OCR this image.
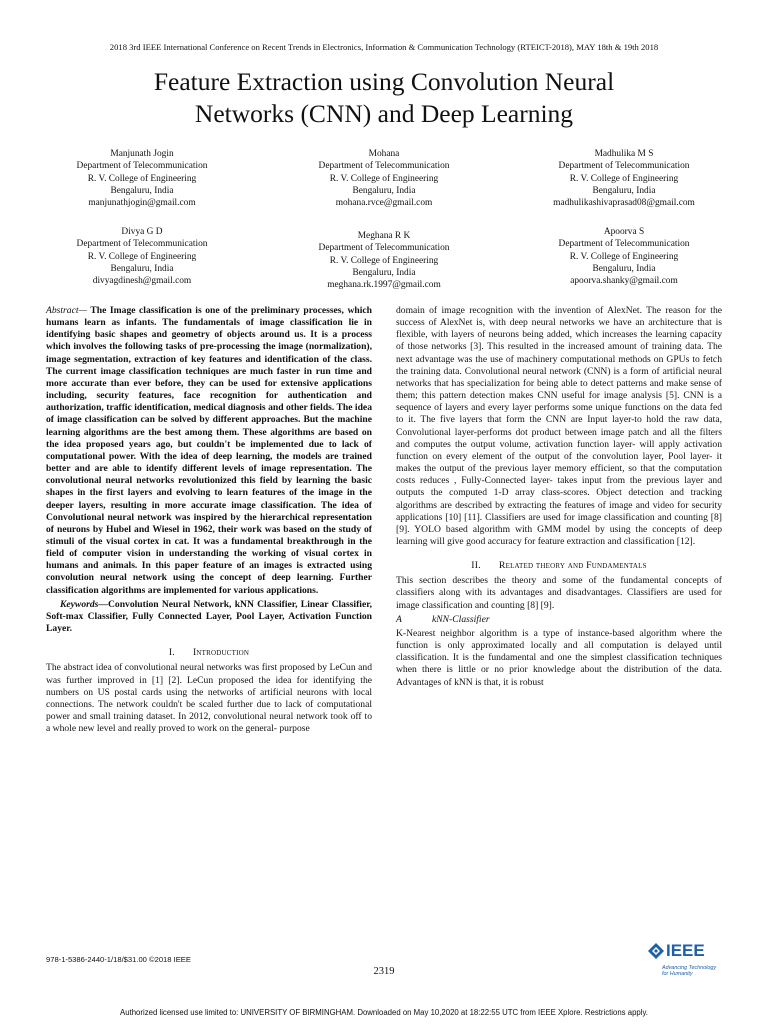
2018 3rd IEEE International Conference on Recent Trends in Electronics, Information & Communication Technology (RTEICT-2018), MAY 18th & 19th 2018
Feature Extraction using Convolution Neural
Networks (CNN) and Deep Learning
Manjunath Jogin
Department of Telecommunication
R. V. College of Engineering
Bengaluru, India
manjunathjogin@gmail.com
Mohana
Department of Telecommunication
R. V. College of Engineering
Bengaluru, India
mohana.rvce@gmail.com
Madhulika M S
Department of Telecommunication
R. V. College of Engineering
Bengaluru, India
madhulikashivaprasad08@gmail.com
Divya G D
Department of Telecommunication
R. V. College of Engineering
Bengaluru, India
divyagdinesh@gmail.com
Meghana R K
Department of Telecommunication
R. V. College of Engineering
Bengaluru, India
meghana.rk.1997@gmail.com
Apoorva S
Department of Telecommunication
R. V. College of Engineering
Bengaluru, India
apoorva.shanky@gmail.com

Abstract— The Image classification is one of the preliminary processes, which humans learn as infants. The fundamentals of image classification lie in identifying basic shapes and geometry of objects around us. It is a process which involves the following tasks of pre-processing the image (normalization), image segmentation, extraction of key features and identification of the class. The current image classification techniques are much faster in run time and more accurate than ever before, they can be used for extensive applications including, security features, face recognition for authentication and authorization, traffic identification, medical diagnosis and other fields. The idea of image classification can be solved by different approaches. But the machine learning algorithms are the best among them. These algorithms are based on the idea proposed years ago, but couldn't be implemented due to lack of computational power. With the idea of deep learning, the models are trained better and are able to identify different levels of image representation. The convolutional neural networks revolutionized this field by learning the basic shapes in the first layers and evolving to learn features of the image in the deeper layers, resulting in more accurate image classification. The idea of Convolutional neural network was inspired by the hierarchical representation of neurons by Hubel and Wiesel in 1962, their work was based on the study of stimuli of the visual cortex in cat. It was a fundamental breakthrough in the field of computer vision in understanding the working of visual cortex in humans and animals. In this paper feature of an images is extracted using convolution neural network using the concept of deep learning. Further classification algorithms are implemented for various applications.

Keywords—Convolution Neural Network, kNN Classifier, Linear Classifier, Soft-max Classifier, Fully Connected Layer, Pool Layer, Activation Function Layer.

I. Introduction

The abstract idea of convolutional neural networks was first proposed by LeCun and was further improved in [1] [2]. LeCun proposed the idea for identifying the numbers on US postal cards using the networks of artificial neurons with local connections. The network couldn't be scaled further due to lack of computational power and small training dataset. In 2012, convolutional neural network took off to a whole new level and really proved to work on the general- purpose

domain of image recognition with the invention of AlexNet. The reason for the success of AlexNet is, with deep neural networks we have an architecture that is flexible, with layers of neurons being added, which increases the learning capacity of those networks [3]. This resulted in the increased amount of training data. The next advantage was the use of machinery computational methods on GPUs to fetch the training data. Convolutional neural network (CNN) is a form of artificial neural networks that has specialization for being able to detect patterns and make sense of them; this pattern detection makes CNN useful for image analysis [5]. CNN is a sequence of layers and every layer performs some unique functions on the data fed to it. The five layers that form the CNN are Input layer-to hold the raw data, Convolutional layer-performs dot product between image patch and all the filters and computes the output volume, activation function layer- will apply activation function on every element of the output of the convolution layer, Pool layer- it makes the output of the previous layer memory efficient, so that the computation costs reduces , Fully-Connected layer- takes input from the previous layer and outputs the computed 1-D array class-scores. Object detection and tracking algorithms are described by extracting the features of image and video for security applications [10] [11]. Classifiers are used for image classification and counting [8] [9]. YOLO based algorithm with GMM model by using the concepts of deep learning will give good accuracy for feature extraction and classification [12].

II. Related theory and Fundamentals

This section describes the theory and some of the fundamental concepts of classifiers along with its advantages and disadvantages. Classifiers are used for image classification and counting [8] [9].

A	kNN-Classifier

K-Nearest neighbor algorithm is a type of instance-based algorithm where the function is only approximated locally and all computation is delayed until classification. It is the fundamental and one the simplest classification techniques when there is little or no prior knowledge about the distribution of the data. Advantages of kNN is that, it is robust

978-1-5386-2440-1/18/$31.00 ©2018 IEEE
2319
IEEE
Advancing Technology
for Humanity
Authorized licensed use limited to: UNIVERSITY OF BIRMINGHAM. Downloaded on May 10,2020 at 18:22:55 UTC from IEEE Xplore. Restrictions apply.
